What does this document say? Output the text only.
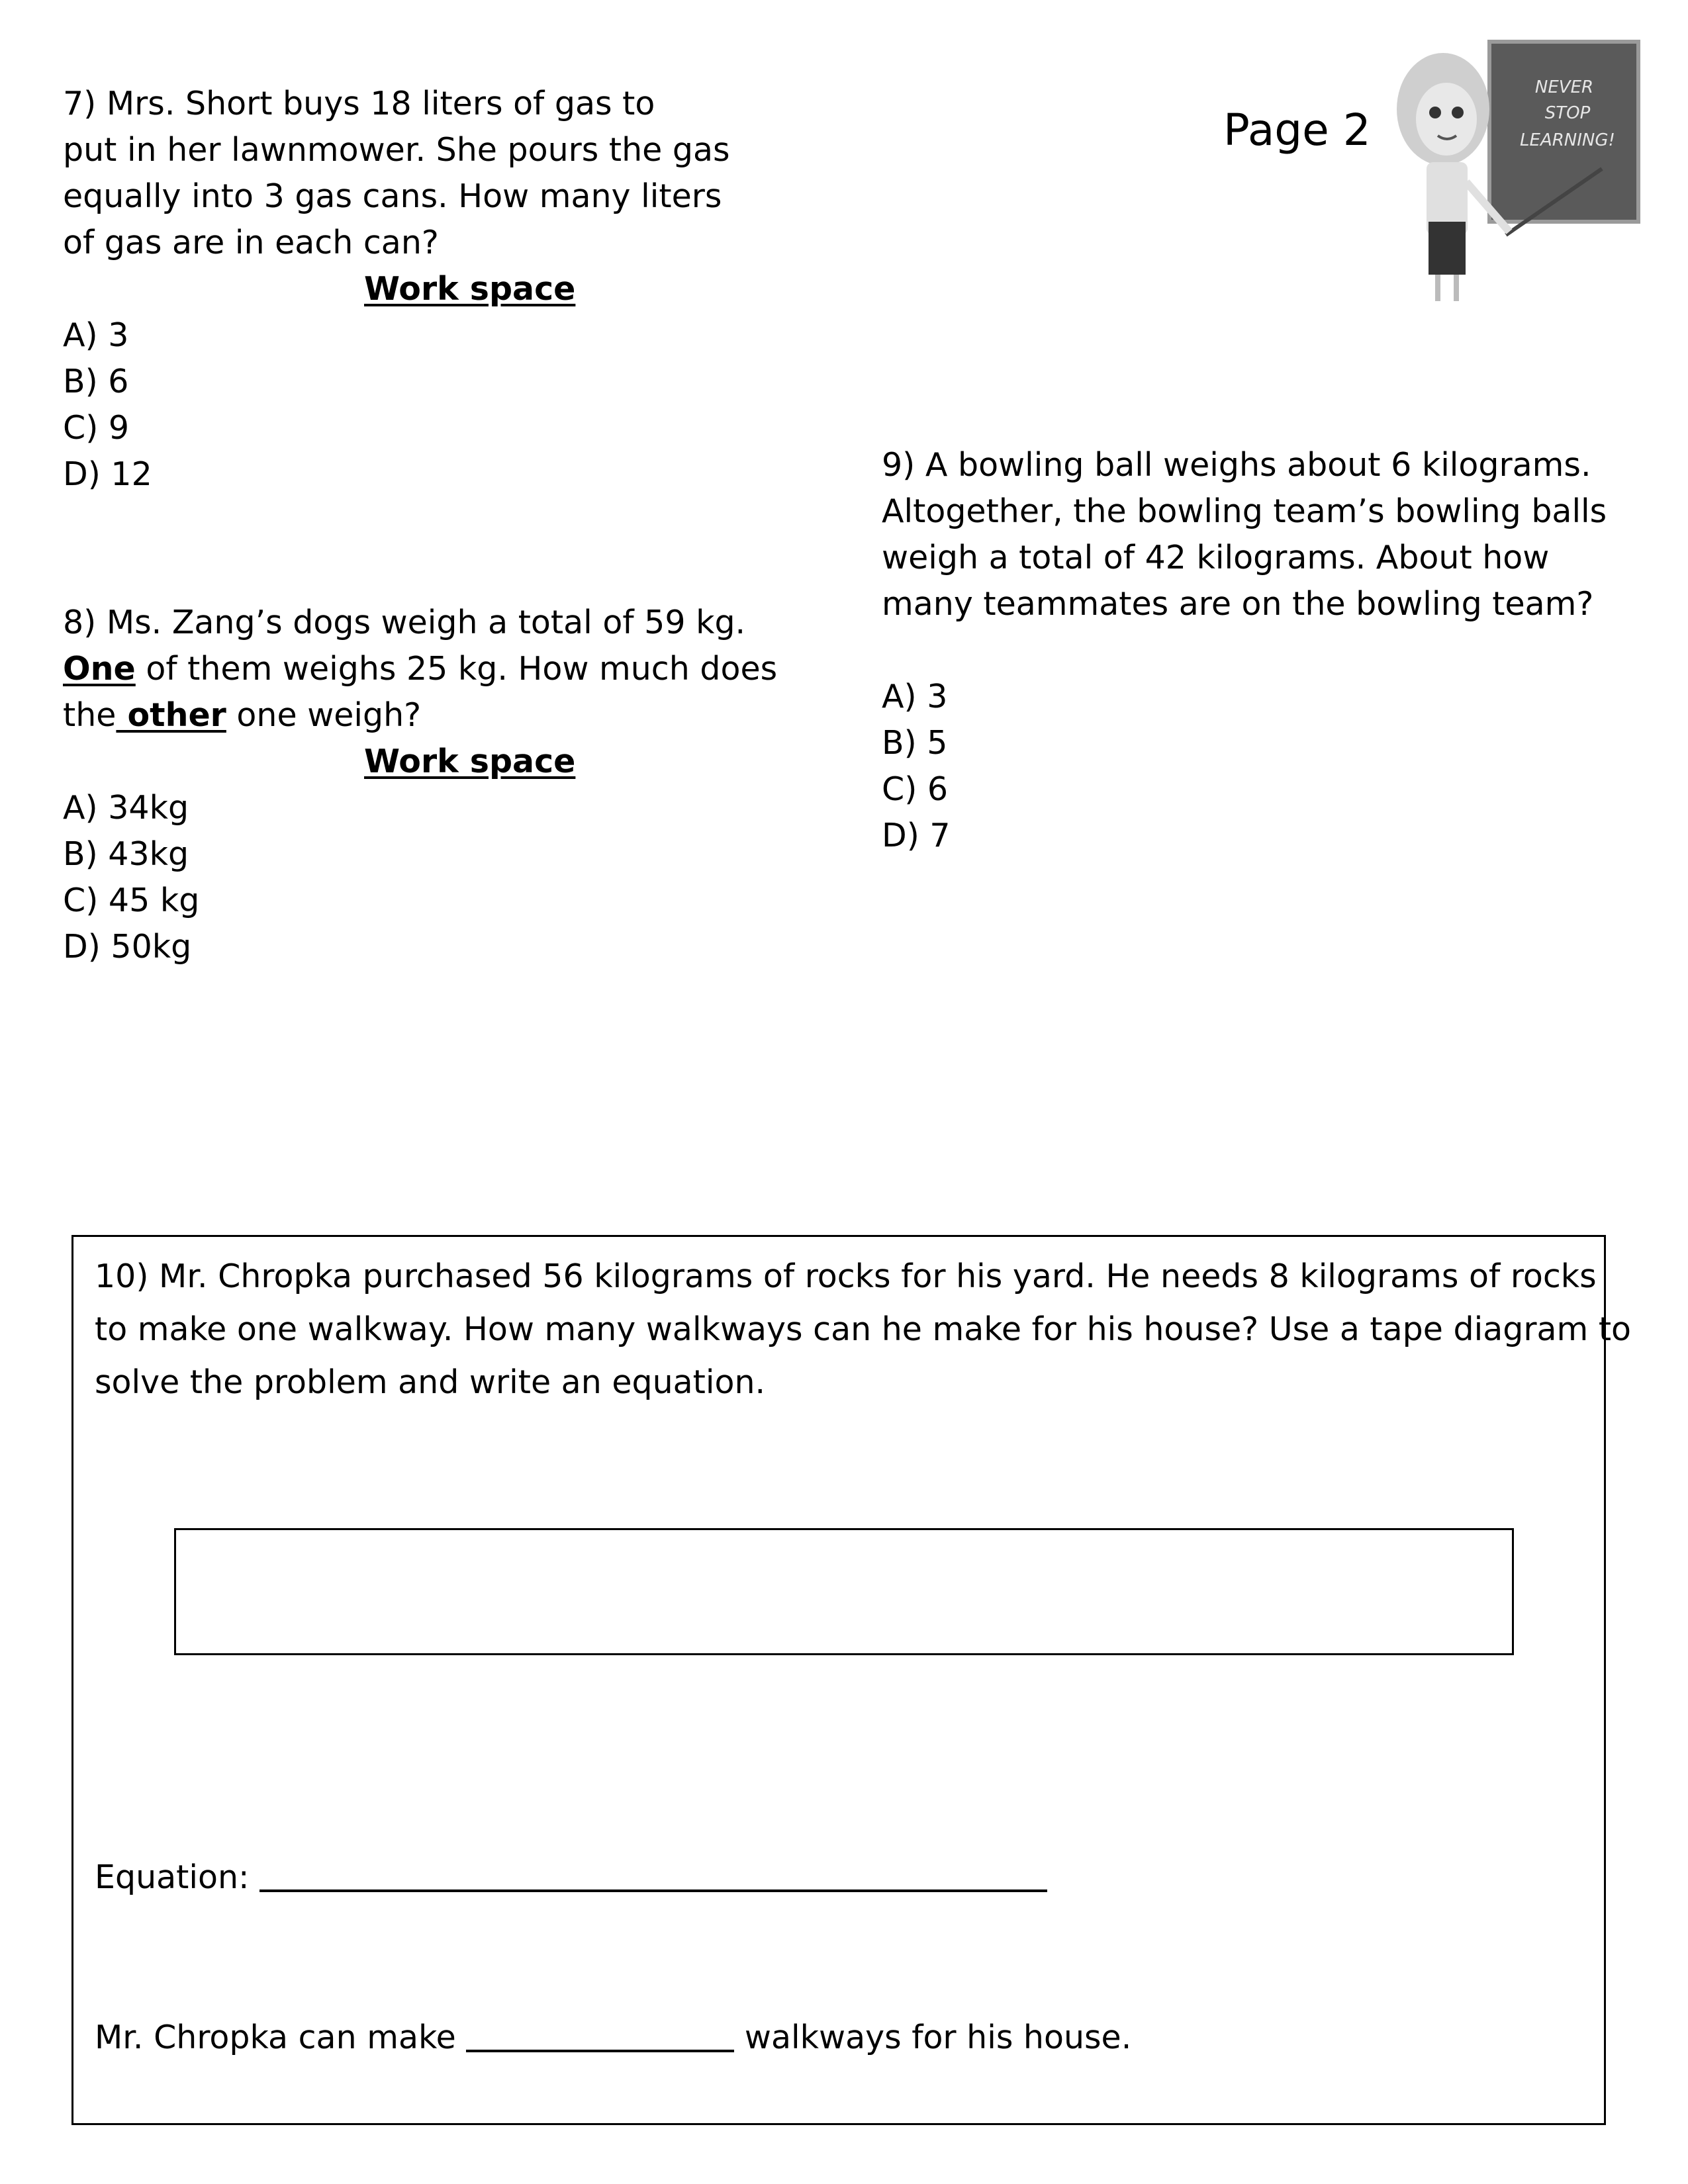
Page 2
NEVER
STOP
LEARNING!

7) Mrs. Short buys 18 liters of gas to

put in her lawnmower. She pours the gas

equally into 3 gas cans. How many liters

of gas are in each can?

Work space

A) 3

B) 6

C) 9

D) 12

8) Ms. Zang’s dogs weigh a total of 59 kg.

One of them weighs 25 kg. How much does

the other one weigh?

Work space

A) 34kg

B) 43kg

C) 45 kg

D) 50kg

9) A bowling ball weighs about 6 kilograms.

Altogether, the bowling team’s bowling balls

weigh a total of 42 kilograms. About how

many teammates are on the bowling team?

A) 3

B) 5

C) 6

D) 7

10) Mr. Chropka purchased 56 kilograms of rocks for his yard. He needs 8 kilograms of rocks

to make one walkway. How many walkways can he make for his house? Use a tape diagram to

solve the problem and write an equation.

Equation:
Mr. Chropka can make	walkways for his house.
